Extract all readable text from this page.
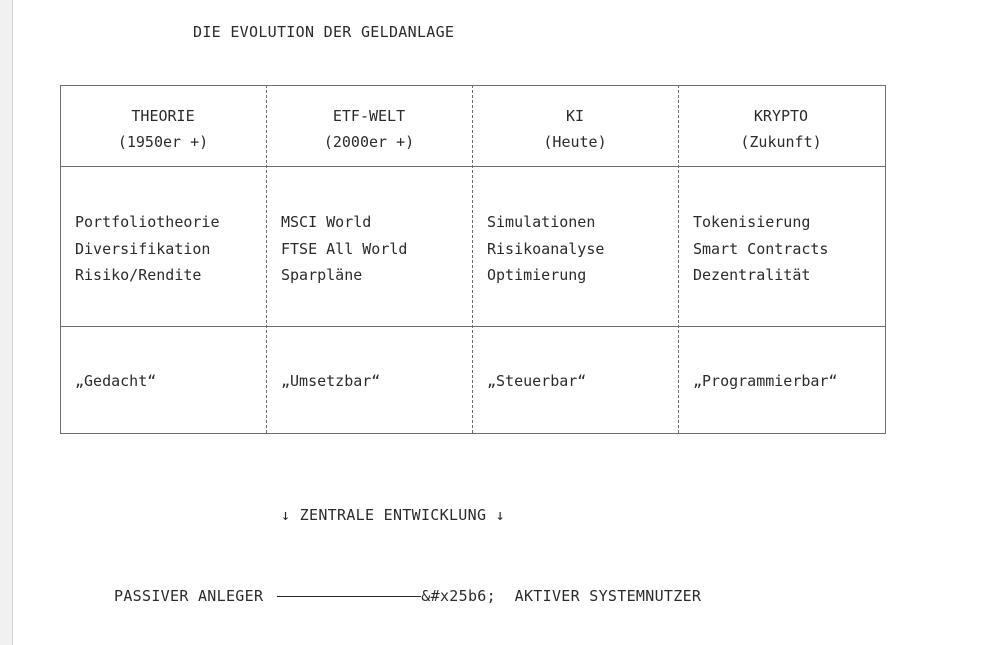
DIE EVOLUTION DER GELDANLAGE
THEORIE
(1950er +)
Portfoliotheorie
Diversifikation
Risiko/Rendite
„Gedacht“
ETF-WELT
(2000er +)
MSCI World
FTSE All World
Sparpläne
„Umsetzbar“
KI
(Heute)
Simulationen
Risikoanalyse
Optimierung
„Steuerbar“
KRYPTO
(Zukunft)
Tokenisierung
Smart Contracts
Dezentralität
„Programmierbar“
↓ ZENTRALE ENTWICKLUNG ↓
PASSIVER ANLEGER	&#x25b6; AKTIVER SYSTEMNUTZER
